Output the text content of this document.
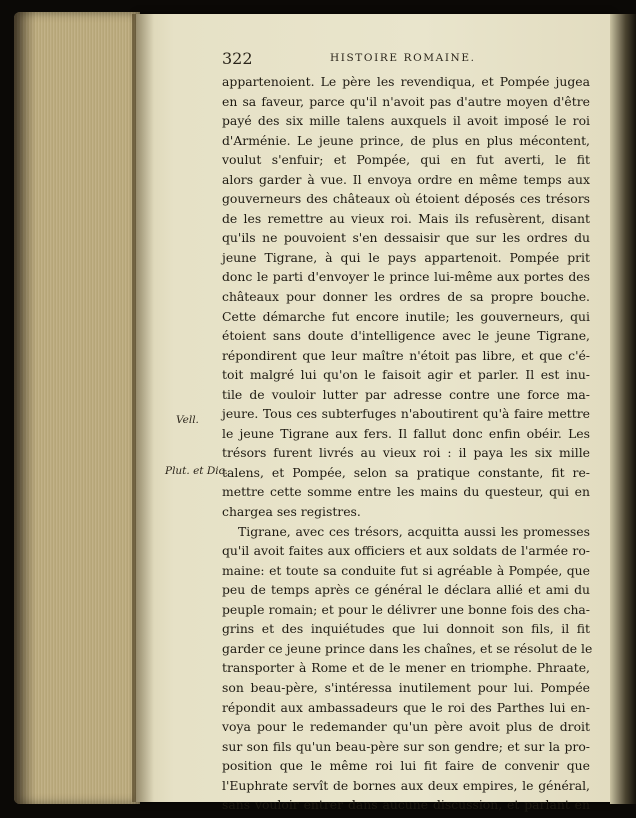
322	HISTOIRE ROMAINE.
Vell.
Plut. et Dic.
appartenoient. Le père les revendiqua, et Pompée jugea
en sa faveur, parce qu'il n'avoit pas d'autre moyen d'être
payé des six mille talens auxquels il avoit imposé le roi
d'Arménie. Le jeune prince, de plus en plus mécontent,
voulut s'enfuir; et Pompée, qui en fut averti, le fit
alors garder à vue. Il envoya ordre en même temps aux
gouverneurs des châteaux où étoient déposés ces trésors
de les remettre au vieux roi. Mais ils refusèrent, disant
qu'ils ne pouvoient s'en dessaisir que sur les ordres du
jeune Tigrane, à qui le pays appartenoit. Pompée prit
donc le parti d'envoyer le prince lui-même aux portes des
châteaux pour donner les ordres de sa propre bouche.
Cette démarche fut encore inutile; les gouverneurs, qui
étoient sans doute d'intelligence avec le jeune Tigrane,
répondirent que leur maître n'étoit pas libre, et que c'é-
toit malgré lui qu'on le faisoit agir et parler. Il est inu-
tile de vouloir lutter par adresse contre une force ma-
jeure. Tous ces subterfuges n'aboutirent qu'à faire mettre
le jeune Tigrane aux fers. Il fallut donc enfin obéir. Les
trésors furent livrés au vieux roi : il paya les six mille
talens, et Pompée, selon sa pratique constante, fit re-
mettre cette somme entre les mains du questeur, qui en
chargea ses registres.
Tigrane, avec ces trésors, acquitta aussi les promesses
qu'il avoit faites aux officiers et aux soldats de l'armée ro-
maine: et toute sa conduite fut si agréable à Pompée, que
peu de temps après ce général le déclara allié et ami du
peuple romain; et pour le délivrer une bonne fois des cha-
grins et des inquiétudes que lui donnoit son fils, il fit
garder ce jeune prince dans les chaînes, et se résolut de le
transporter à Rome et de le mener en triomphe. Phraate,
son beau-père, s'intéressa inutilement pour lui. Pompée
répondit aux ambassadeurs que le roi des Parthes lui en-
voya pour le redemander qu'un père avoit plus de droit
sur son fils qu'un beau-père sur son gendre; et sur la pro-
position que le même roi lui fit faire de convenir que
l'Euphrate servît de bornes aux deux empires, le général,
sans vouloir entrer dans aucune discussion, et parlant en
